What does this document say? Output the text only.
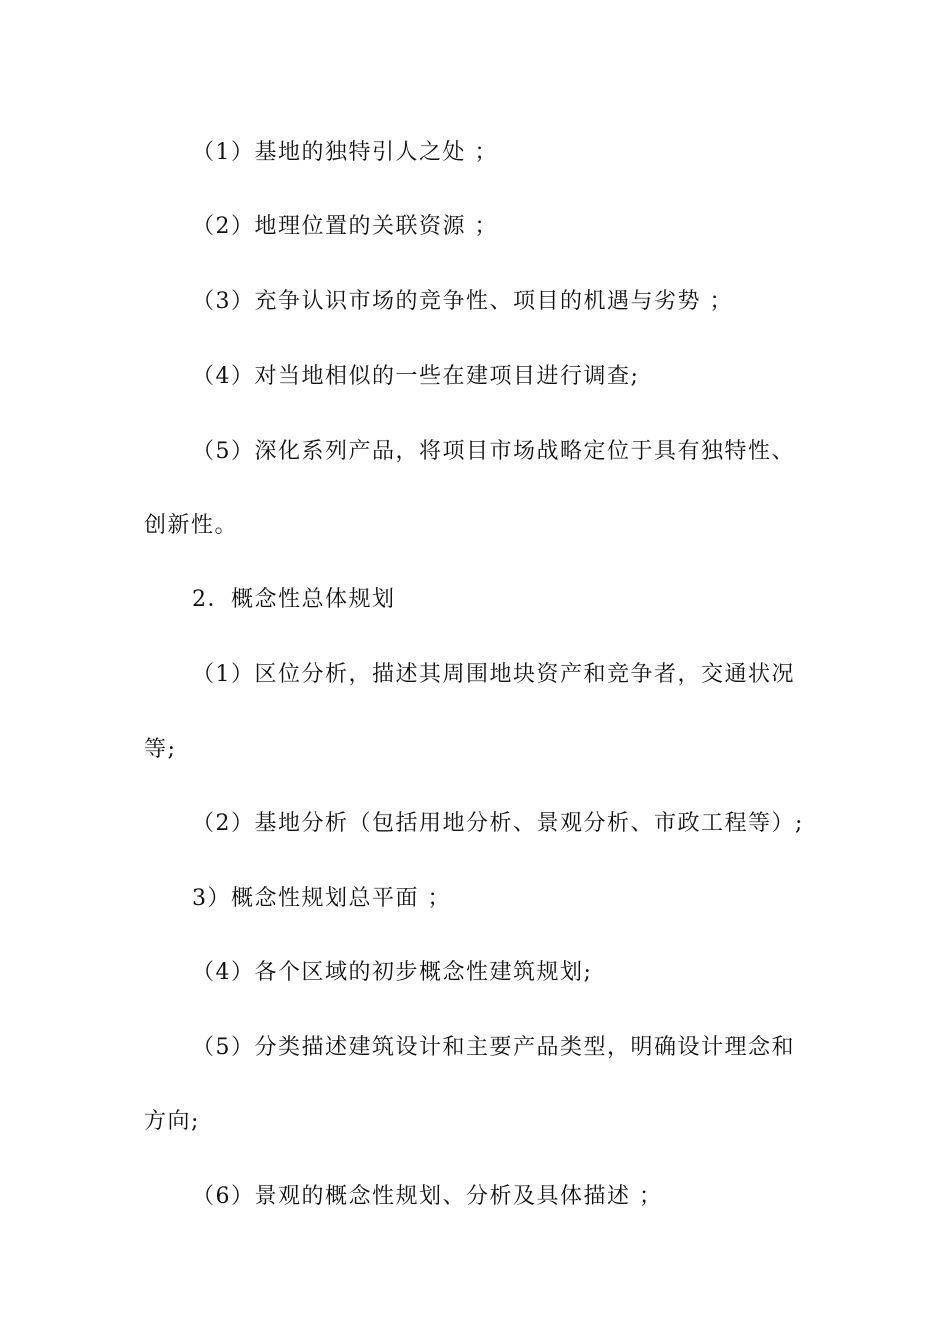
（1）基地的独特引人之处 ；
（2）地理位置的关联资源 ；
（3）充争认识市场的竞争性、项目的机遇与劣势 ；
（4）对当地相似的一些在建项目进行调查;
（5）深化系列产品，将项目市场战略定位于具有独特性、
创新性。
2．概念性总体规划
（1）区位分析，描述其周围地块资产和竞争者，交通状况
等;
（2）基地分析（包括用地分析、景观分析、市政工程等）;
3）概念性规划总平面 ；
（4）各个区域的初步概念性建筑规划;
（5）分类描述建筑设计和主要产品类型，明确设计理念和
方向;
（6）景观的概念性规划、分析及具体描述 ；
